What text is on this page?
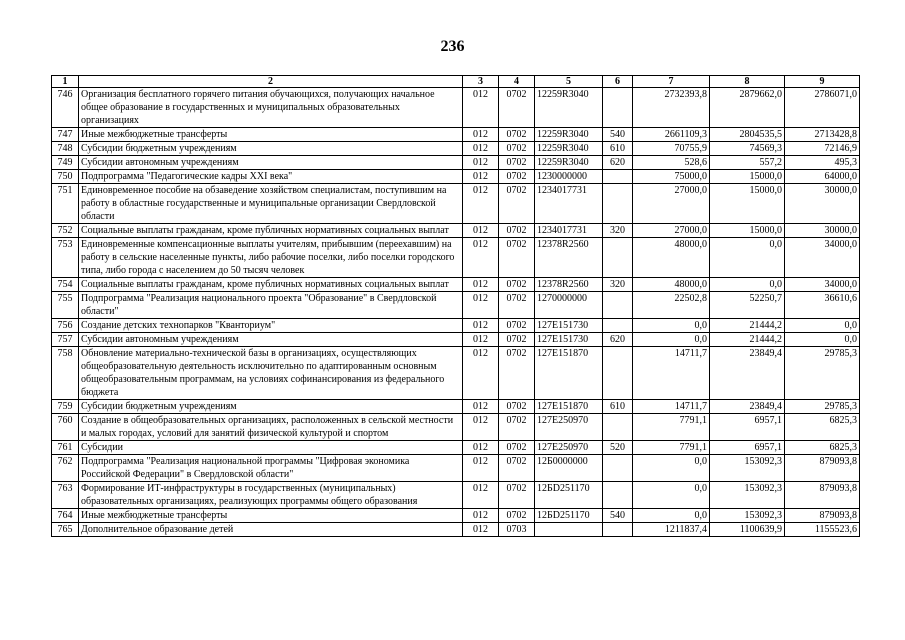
236
1	2	3	4	5	6	7	8	9
746	Организация бесплатного горячего питания обучающихся, получающих начальное общее образование в государственных и муниципальных образовательных организациях	012	0702	12259R3040		2732393,8	2879662,0	2786071,0
747	Иные межбюджетные трансферты	012	0702	12259R3040	540	2661109,3	2804535,5	2713428,8
748	Субсидии бюджетным учреждениям	012	0702	12259R3040	610	70755,9	74569,3	72146,9
749	Субсидии автономным учреждениям	012	0702	12259R3040	620	528,6	557,2	495,3
750	Подпрограмма "Педагогические кадры XXI века"	012	0702	1230000000		75000,0	15000,0	64000,0
751	Единовременное пособие на обзаведение хозяйством специалистам, поступившим на работу в областные государственные и муниципальные организации Свердловской области	012	0702	1234017731		27000,0	15000,0	30000,0
752	Социальные выплаты гражданам, кроме публичных нормативных социальных выплат	012	0702	1234017731	320	27000,0	15000,0	30000,0
753	Единовременные компенсационные выплаты учителям, прибывшим (переехавшим) на работу в сельские населенные пункты, либо рабочие поселки, либо поселки городского типа, либо города с населением до 50 тысяч человек	012	0702	12378R2560		48000,0	0,0	34000,0
754	Социальные выплаты гражданам, кроме публичных нормативных социальных выплат	012	0702	12378R2560	320	48000,0	0,0	34000,0
755	Подпрограмма "Реализация национального проекта "Образование" в Свердловской области"	012	0702	1270000000		22502,8	52250,7	36610,6
756	Создание детских технопарков "Кванториум"	012	0702	127E151730		0,0	21444,2	0,0
757	Субсидии автономным учреждениям	012	0702	127E151730	620	0,0	21444,2	0,0
758	Обновление материально-технической базы в организациях, осуществляющих общеобразовательную деятельность исключительно по адаптированным основным общеобразовательным программам, на условиях софинансирования из федерального бюджета	012	0702	127E151870		14711,7	23849,4	29785,3
759	Субсидии бюджетным учреждениям	012	0702	127E151870	610	14711,7	23849,4	29785,3
760	Создание в общеобразовательных организациях, расположенных в сельской местности и малых городах, условий для занятий физической культурой и спортом	012	0702	127E250970		7791,1	6957,1	6825,3
761	Субсидии	012	0702	127E250970	520	7791,1	6957,1	6825,3
762	Подпрограмма "Реализация национальной программы "Цифровая экономика Российской Федерации" в Свердловской области"	012	0702	12Б0000000		0,0	153092,3	879093,8
763	Формирование ИТ-инфраструктуры в государственных (муниципальных) образовательных организациях, реализующих программы общего образования	012	0702	12БD251170		0,0	153092,3	879093,8
764	Иные межбюджетные трансферты	012	0702	12БD251170	540	0,0	153092,3	879093,8
765	Дополнительное образование детей	012	0703			1211837,4	1100639,9	1155523,6
